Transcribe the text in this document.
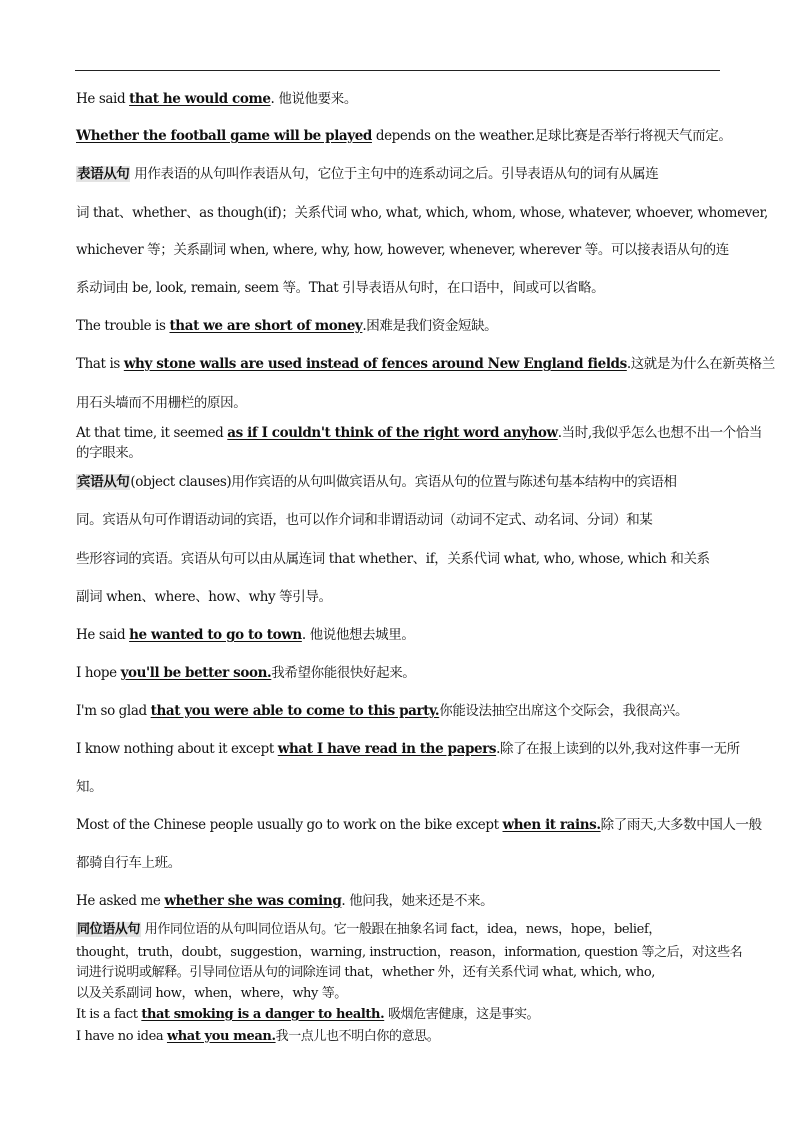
He said that he would come. 他说他要来。
Whether the football game will be played depends on the weather.足球比赛是否举行将视天气而定。
表语从句 用作表语的从句叫作表语从句，它位于主句中的连系动词之后。引导表语从句的词有从属连
词 that、whether、as though(if)；关系代词 who, what, which, whom, whose, whatever, whoever, whomever,
whichever 等；关系副词 when, where, why, how, however, whenever, wherever 等。可以接表语从句的连
系动词由 be, look, remain, seem 等。That 引导表语从句时，在口语中，间或可以省略。
The trouble is that we are short of money.困难是我们资金短缺。
That is why stone walls are used instead of fences around New England fields.这就是为什么在新英格兰
用石头墙而不用栅栏的原因。
At that time, it seemed as if I couldn't think of the right word anyhow.当时,我似乎怎么也想不出一个恰当
的字眼来。
宾语从句(object clauses)用作宾语的从句叫做宾语从句。宾语从句的位置与陈述句基本结构中的宾语相
同。宾语从句可作谓语动词的宾语，也可以作介词和非谓语动词（动词不定式、动名词、分词）和某
些形容词的宾语。宾语从句可以由从属连词 that whether、if，关系代词 what, who, whose, which 和关系
副词 when、where、how、why 等引导。
He said he wanted to go to town. 他说他想去城里。
I hope you'll be better soon.我希望你能很快好起来。
I'm so glad that you were able to come to this party.你能设法抽空出席这个交际会，我很高兴。
I know nothing about it except what I have read in the papers.除了在报上读到的以外,我对这件事一无所
知。
Most of the Chinese people usually go to work on the bike except when it rains.除了雨天,大多数中国人一般
都骑自行车上班。
He asked me whether she was coming. 他问我，她来还是不来。
同位语从句 用作同位语的从句叫同位语从句。它一般跟在抽象名词 fact，idea，news，hope，belief，
thought，truth，doubt，suggestion，warning, instruction，reason，information, question 等之后，对这些名
词进行说明或解释。引导同位语从句的词除连词 that，whether 外，还有关系代词 what, which, who,
以及关系副词 how，when，where，why 等。
It is a fact that smoking is a danger to health. 吸烟危害健康，这是事实。
I have no idea what you mean.我一点儿也不明白你的意思。
